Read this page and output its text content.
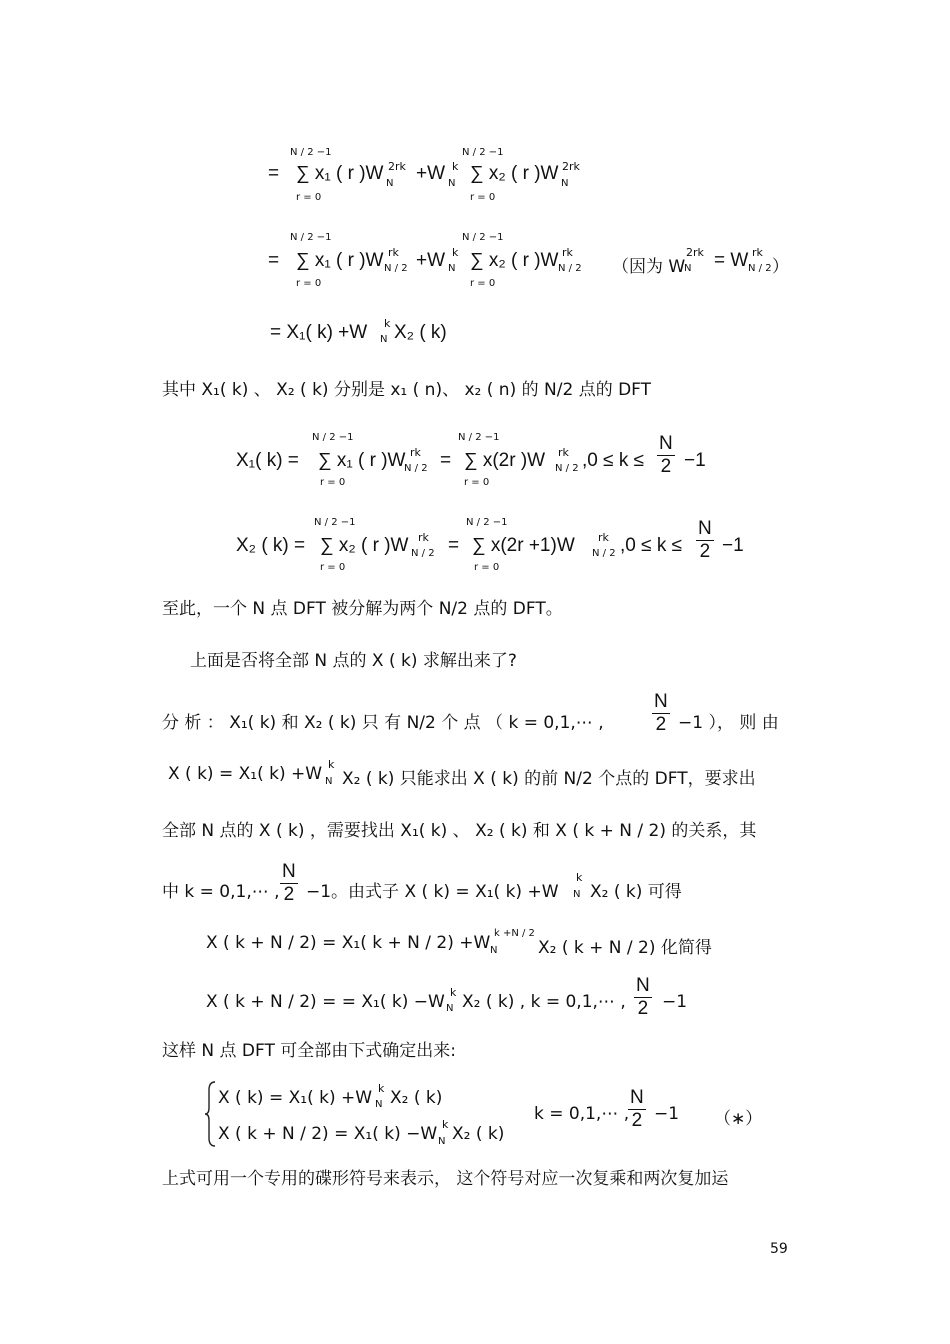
N / 2 −1
= ∑ x₁ ( r )W 2rk
N
r = 0
+W k
N
N / 2 −1
∑ x₂ ( r )W 2rk
N
r = 0
N / 2 −1
= ∑ x₁ ( r )W rk
N / 2
r = 0
+W k
N
N / 2 −1
∑ x₂ ( r )W rk
N / 2
r = 0
（因为 W
2rk
N = W rk
N / 2 ）
= X₁( k) +W k
N X₂ ( k)
其中 X₁( k) 、 X₂ ( k) 分别是 x₁ ( n)、 x₂ ( n) 的 N/2 点的 DFT
X₁( k) =
N / 2 −1
∑ x₁ ( r )W rk
N / 2
r = 0
=
N / 2 −1
∑ x(2r )W rk
N / 2
r = 0
$,0 \le k \le \frac{N}{2} -1$
X₂ ( k) =
N / 2 −1
∑ x₂ ( r )W rk
N / 2
r = 0
=
N / 2 −1
∑ x(2r +1)W rk
N / 2
r = 0
$,0 \le k \le \frac{N}{2} -1$
至此，一个 N 点 DFT 被分解为两个 N/2 点的 DFT。
上面是否将全部 N 点的 X ( k) 求解出来了?
分 析 ： X₁( k) 和 X₂ ( k) 只 有 N/2 个 点 （ k = 0,1,⋯ ,	$\frac{N}{2} -1$ ）， 则 由
X ( k) = X₁( k) +W k
N X₂ ( k) 只能求出 X ( k) 的前 N/2 个点的 DFT，要求出
全部 N 点的 X ( k) ，需要找出 X₁( k) 、 X₂ ( k) 和 X ( k + N / 2) 的关系，其
中 k = 0,1,⋯ , $\frac{N}{2} -1$。由式子 X ( k) = X₁( k) +W
k
N X₂ ( k) 可得
X ( k + N / 2) = X₁( k + N / 2) +W k +N / 2
N X₂ ( k + N / 2) 化简得
X ( k + N / 2) = = X₁( k) −W k
N X₂ ( k) , k = 0,1,⋯ , $\frac{N}{2} -1$
这样 N 点 DFT 可全部由下式确定出来:
X ( k) = X₁( k) +W k
N X₂ ( k)
X ( k + N / 2) = X₁( k) −W k
N X₂ ( k)
k = 0,1,⋯ ,
$\frac{N}{2} -1$ （∗）
上式可用一个专用的碟形符号来表示， 这个符号对应一次复乘和两次复加运
59
